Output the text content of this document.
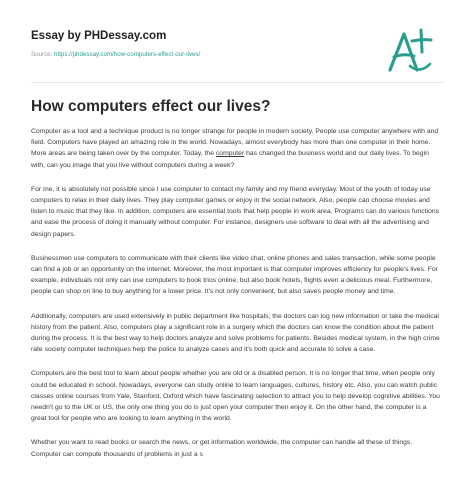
Essay by PHDessay.com
Source: https://phdessay.com/how-computers-effect-our-lives/
How computers effect our lives?

Computer as a tool and a technique product is no longer strange for people in modern society. People use computer anywhere with and field. Computers have played an amazing role in the world. Nowadays, almost everybody has more than one computer in their home. More areas are being taken over by the computer. Today, the computer has changed the business world and our daily lives. To begin with, can you image that you live without computers during a week?

For me, it is absolutely not possible since I use computer to contact my family and my friend everyday. Most of the youth of today use computers to relax in their daily lives. They play computer games or enjoy in the social network. Also, people can choose movies and listen to music that they like. In addition, computers are essential tools that help people in work area. Programs can do various functions and ease the process of doing it manually without computer. For instance, designers use software to deal with all the advertising and design papers.

Businessmen use computers to communicate with their clients like video chat, online phones and sales transaction, while some people can find a job or an opportunity on the internet. Moreover, the most important is that computer improves efficiency for people's lives. For example, individuals not only can use computers to book trios online, but also book hotels, flights even a delicious meal. Furthermore, people can shop on line to buy anything for a lower price. It's not only convenient, but also saves people money and time.

Additionally, computers are used extensively in public department like hospitals; the doctors can log new information or take the medical history from the patient. Also, computers play a significant role in a surgery which the doctors can know the condition about the patient during the process. It is the best way to help doctors analyze and solve problems for patients. Besides medical system, in the high crime rate society computer techniques help the police to analyze cases and it's both quick and accurate to solve a case.

Computers are the best tool to learn about people whether you are old or a disabled person. It is no longer that time, when people only could be educated in school. Nowadays, everyone can study online to learn languages, cultures, history etc. Also, you can watch public classes online courses from Yale, Stanford, Oxford which have fascinating selection to attract you to help develop cognitive abilities. You needn't go to the UK or US, the only one thing you do is just open your computer then enjoy it. On the other hand, the computer is a great tool for people who are looking to learn anything in the world.

Whether you want to read books or search the news, or get information worldwide, the computer can handle all these of things. Computer can compute thousands of problems in just a s
